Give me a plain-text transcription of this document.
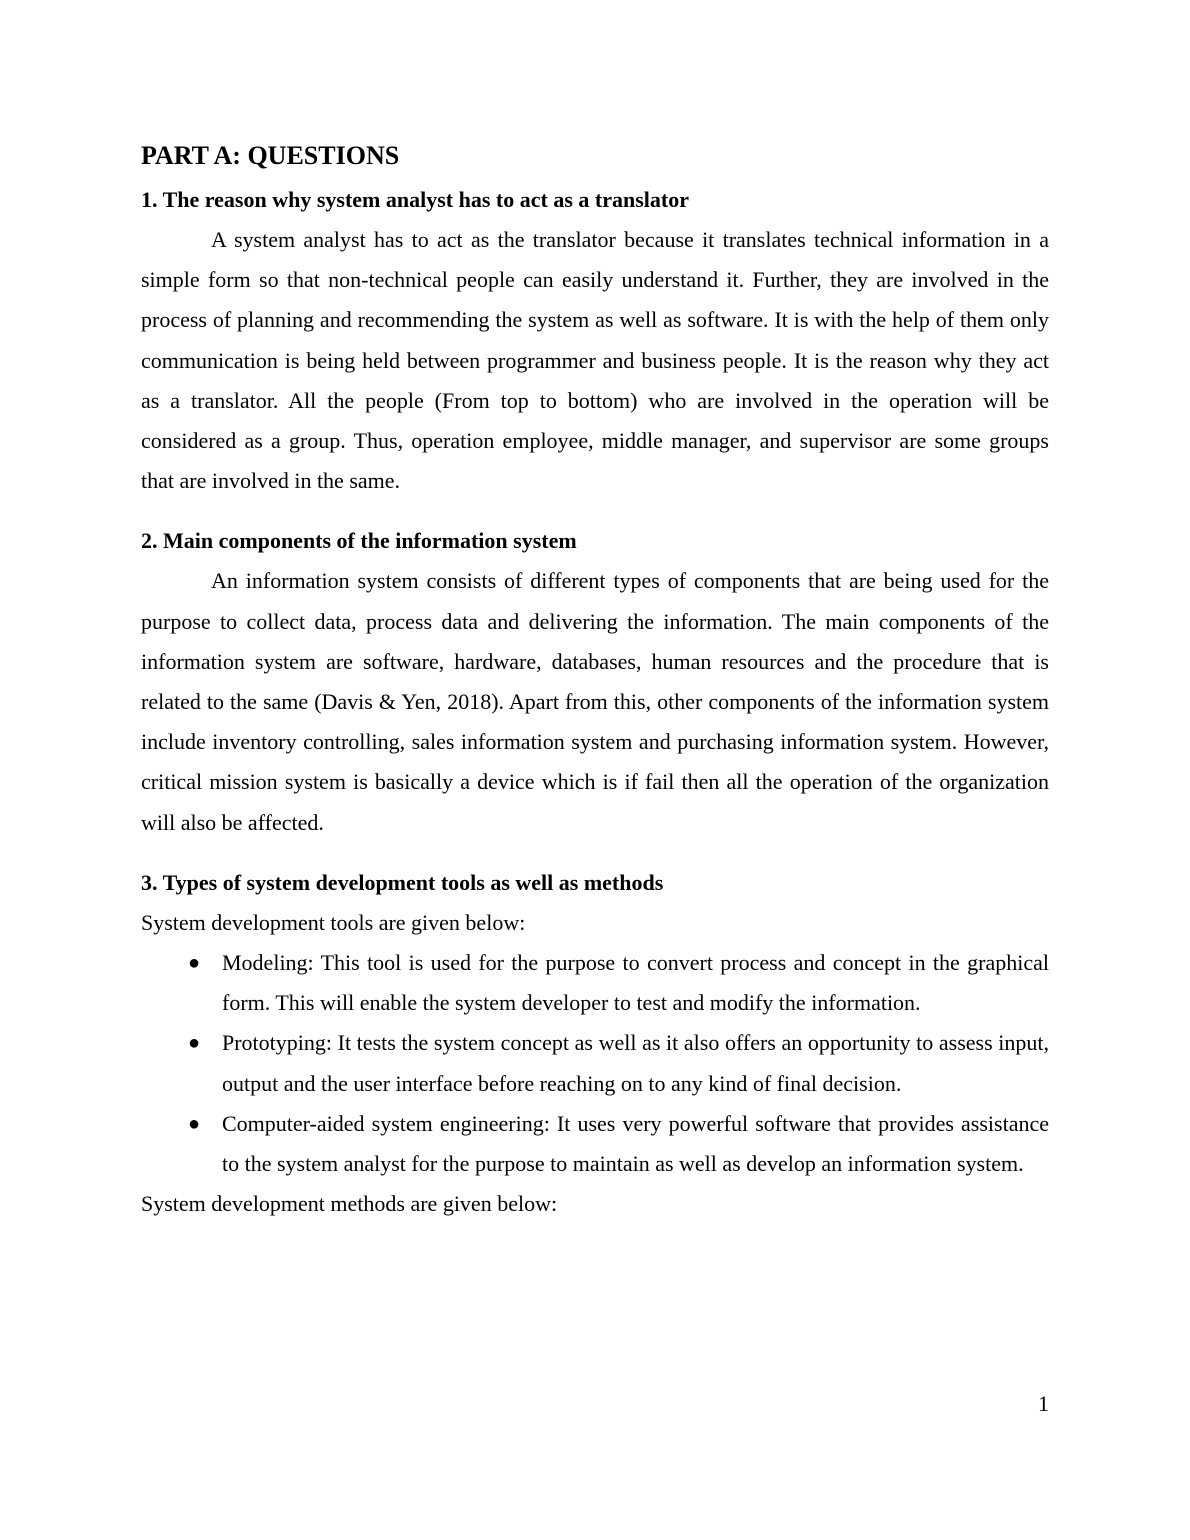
PART A: QUESTIONS
1. The reason why system analyst has to act as a translator

A system analyst has to act as the translator because it translates technical information in a simple form so that non-technical people can easily understand it. Further, they are involved in the process of planning and recommending the system as well as software. It is with the help of them only communication is being held between programmer and business people. It is the reason why they act as a translator. All the people (From top to bottom) who are involved in the operation will be considered as a group. Thus, operation employee, middle manager, and supervisor are some groups that are involved in the same.

2. Main components of the information system

An information system consists of different types of components that are being used for the purpose to collect data, process data and delivering the information. The main components of the information system are software, hardware, databases, human resources and the procedure that is related to the same (Davis & Yen, 2018). Apart from this, other components of the information system include inventory controlling, sales information system and purchasing information system. However, critical mission system is basically a device which is if fail then all the operation of the organization will also be affected.

3. Types of system development tools as well as methods

System development tools are given below:

● Modeling: This tool is used for the purpose to convert process and concept in the graphical form. This will enable the system developer to test and modify the information.
● Prototyping: It tests the system concept as well as it also offers an opportunity to assess input, output and the user interface before reaching on to any kind of final decision.
● Computer-aided system engineering: It uses very powerful software that provides assistance to the system analyst for the purpose to maintain as well as develop an information system.

System development methods are given below:

1
